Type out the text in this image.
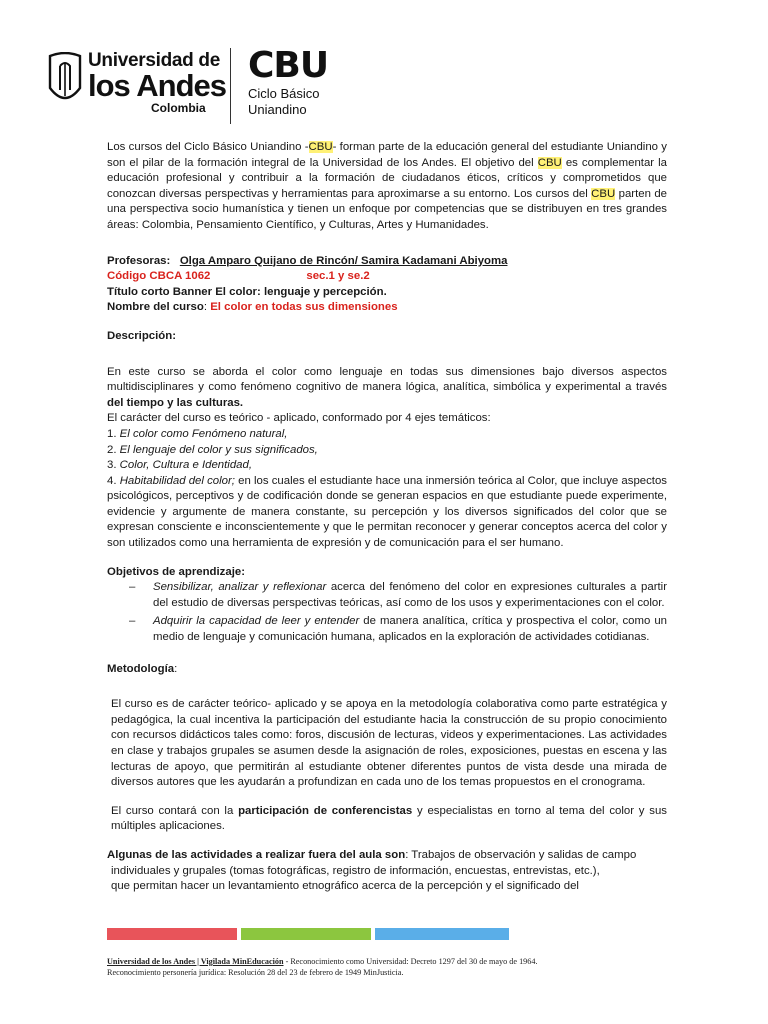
Universidad de
los Andes
Colombia
CBU
Ciclo Básico
Uniandino

Los cursos del Ciclo Básico Uniandino -CBU- forman parte de la educación general del estudiante Uniandino y son el pilar de la formación integral de la Universidad de los Andes. El objetivo del CBU es complementar la educación profesional y contribuir a la formación de ciudadanos éticos, críticos y comprometidos que conozcan diversas perspectivas y herramientas para aproximarse a su entorno. Los cursos del CBU parten de una perspectiva socio humanística y tienen un enfoque por competencias que se distribuyen en tres grandes áreas: Colombia, Pensamiento Científico, y Culturas, Artes y Humanidades.

Profesoras: Olga Amparo Quijano de Rincón/ Samira Kadamani Abiyoma
Código CBCA 1062	sec.1 y se.2
Título corto Banner El color: lenguaje y percepción.
Nombre del curso: El color en todas sus dimensiones
Descripción:

En este curso se aborda el color como lenguaje en todas sus dimensiones bajo diversos aspectos multidisciplinares y como fenómeno cognitivo de manera lógica, analítica, simbólica y experimental a través del tiempo y las culturas.

El carácter del curso es teórico - aplicado, conformado por 4 ejes temáticos:
1. El color como Fenómeno natural,
2. El lenguaje del color y sus significados,
3. Color, Cultura e Identidad,

4. Habitabilidad del color; en los cuales el estudiante hace una inmersión teórica al Color, que incluye aspectos psicológicos, perceptivos y de codificación donde se generan espacios en que estudiante puede experimente, evidencie y argumente de manera constante, su percepción y los diversos significados del color que se expresan consciente e inconscientemente y que le permitan reconocer y generar conceptos acerca del color y son utilizados como una herramienta de expresión y de comunicación para el ser humano.

Objetivos de aprendizaje:
– Sensibilizar, analizar y reflexionar acerca del fenómeno del color en expresiones culturales a partir del estudio de diversas perspectivas teóricas, así como de los usos y experimentaciones con el color.
– Adquirir la capacidad de leer y entender de manera analítica, crítica y prospectiva el color, como un medio de lenguaje y comunicación humana, aplicados en la exploración de actividades cotidianas.
Metodología:

El curso es de carácter teórico- aplicado y se apoya en la metodología colaborativa como parte estratégica y pedagógica, la cual incentiva la participación del estudiante hacia la construcción de su propio conocimiento con recursos didácticos tales como: foros, discusión de lecturas, videos y experimentaciones. Las actividades en clase y trabajos grupales se asumen desde la asignación de roles, exposiciones, puestas en escena y las lecturas de apoyo, que permitirán al estudiante obtener diferentes puntos de vista desde una mirada de diversos autores que les ayudarán a profundizan en cada uno de los temas propuestos en el cronograma.

El curso contará con la participación de conferencistas y especialistas en torno al tema del color y sus múltiples aplicaciones.

Algunas de las actividades a realizar fuera del aula son: Trabajos de observación y salidas de campo
individuales y grupales (tomas fotográficas, registro de información, encuestas, entrevistas, etc.),
que permitan hacer un levantamiento etnográfico acerca de la percepción y el significado del
Universidad de los Andes | Vigilada MinEducación - Reconocimiento como Universidad: Decreto 1297 del 30 de mayo de 1964.
Reconocimiento personería jurídica: Resolución 28 del 23 de febrero de 1949 MinJusticia.
